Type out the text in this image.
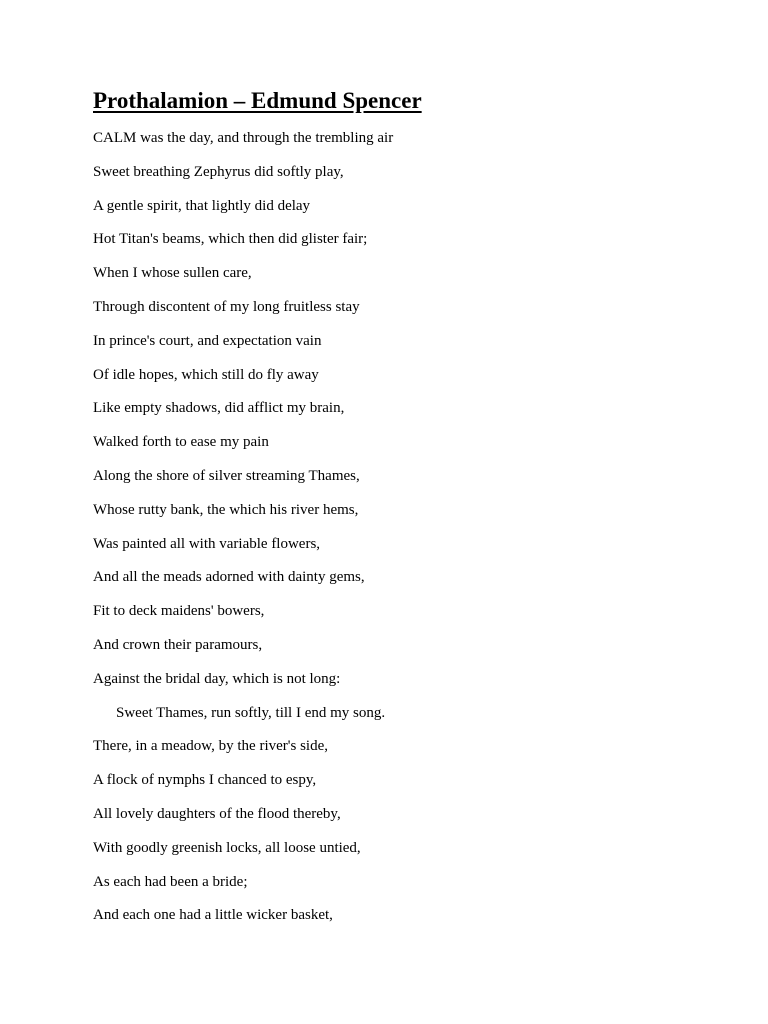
Prothalamion – Edmund Spencer
CALM was the day, and through the trembling air
Sweet breathing Zephyrus did softly play,
A gentle spirit, that lightly did delay
Hot Titan's beams, which then did glister fair;
When I whose sullen care,
Through discontent of my long fruitless stay
In prince's court, and expectation vain
Of idle hopes, which still do fly away
Like empty shadows, did afflict my brain,
Walked forth to ease my pain
Along the shore of silver streaming Thames,
Whose rutty bank, the which his river hems,
Was painted all with variable flowers,
And all the meads adorned with dainty gems,
Fit to deck maidens' bowers,
And crown their paramours,
Against the bridal day, which is not long:
Sweet Thames, run softly, till I end my song.
There, in a meadow, by the river's side,
A flock of nymphs I chanced to espy,
All lovely daughters of the flood thereby,
With goodly greenish locks, all loose untied,
As each had been a bride;
And each one had a little wicker basket,
